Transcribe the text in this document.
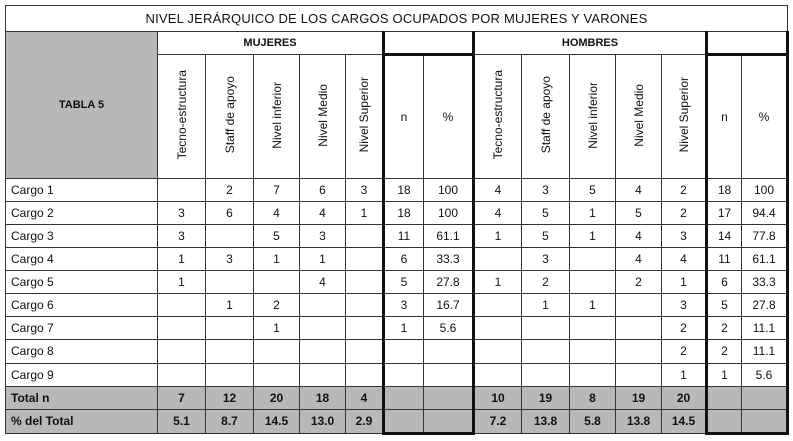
NIVEL JERÁRQUICO DE LOS CARGOS OCUPADOS POR MUJERES Y VARONES														
TABLA 5	MUJERES							HOMBRES						
	Tecno-estructura	Staff de apoyo	Nivel inferior	Nivel Medio	Nivel Superior	n	%	Tecno-estructura	Staff de apoyo	Nivel inferior	Nivel Medio	Nivel Superior	n	%
Cargo 1		2	7	6	3	18	100	4	3	5	4	2	18	100
Cargo 2	3	6	4	4	1	18	100	4	5	1	5	2	17	94.4
Cargo 3	3		5	3		11	61.1	1	5	1	4	3	14	77.8
Cargo 4	1	3	1	1		6	33.3		3		4	4	11	61.1
Cargo 5	1			4		5	27.8	1	2		2	1	6	33.3
Cargo 6		1	2			3	16.7		1	1		3	5	27.8
Cargo 7			1			1	5.6					2	2	11.1
Cargo 8												2	2	11.1
Cargo 9												1	1	5.6
Total n	7	12	20	18	4			10	19	8	19	20		
% del Total	5.1	8.7	14.5	13.0	2.9			7.2	13.8	5.8	13.8	14.5		
